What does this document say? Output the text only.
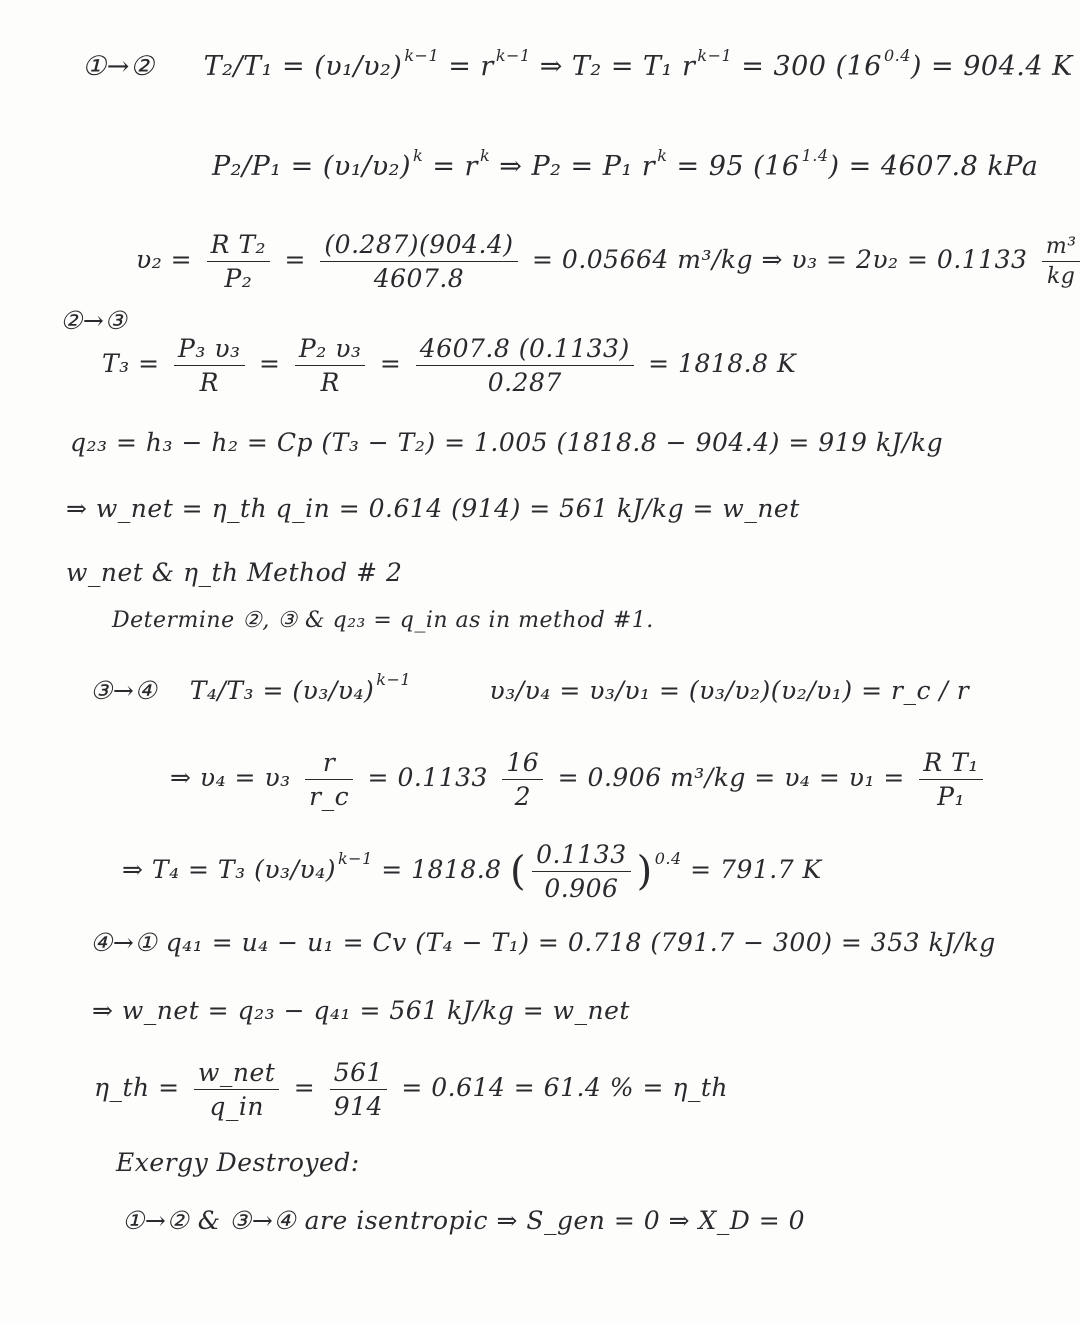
①→② T₂/T₁ = (υ₁/υ₂) $^{k-1}$ = r $^{k-1}$ ⇒ T₂ = T₁ r $^{k-1}$ = 300 (16 $^{0.4}$) = 904.4 K
P₂/P₁ = (υ₁/υ₂) $^k$ = r $^k$ ⇒ P₂ = P₁ r $^k$ = 95 (16 $^{1.4}$) = 4607.8 kPa
$\upsilon_2 = \frac{\text{R T₂}}{\text{P₂}} = \frac{(0.287)(904.4)}{4607.8} = 0.05664$ m³/kg ⇒ $\upsilon_3 = 2\upsilon_2 = 0.1133 \frac{\text{m³}}{kg}$
②→③
$T_3 = \frac{\text{P₃ υ₃}}{R} = \frac{\text{P₂ υ₃}}{R} = \frac{4607.8 (0.1133)}{0.287} = 1818.8$ K
q₂₃ = h₃ − h₂ = Cp (T₃ − T₂) = 1.005 (1818.8 − 904.4) = 919 kJ/kg
⇒ w_net = η_th q_in = 0.614 (914) = 561 kJ/kg = w_net
w_net & η_th Method # 2
Determine ②, ③ & q₂₃ = q_in as in method #1.
③→④ T₄/T₃ = (υ₃/υ₄) $^{k-1}$	υ₃/υ₄ = υ₃/υ₁ = (υ₃/υ₂)(υ₂/υ₁) = r_c / r
⇒ $\upsilon_4 = \upsilon_3 \frac{r}{r\_c} = 0.1133 \frac{16}{2} = 0.906$ $m^3/kg = \upsilon_4 = \upsilon_1 = \frac{\text{R T₁}}{\text{P₁}}$
⇒ T₄ = T₃ (υ₃/υ₄) $^{k-1}$ = 1818.8 ( $\frac{0.1133}{0.906}$ ) $^{0.4}$ = 791.7 K
④→① q₄₁ = u₄ − u₁ = Cv (T₄ − T₁) = 0.718 (791.7 − 300) = 353 kJ/kg
⇒ w_net = q₂₃ − q₄₁ = 561 kJ/kg = w_net
η_th = $\frac{\text{w\_net}}{q\_in} = \frac{561}{914} = 0.614 = 61.4$ % = η_th
Exergy Destroyed:
①→② & ③→④ are isentropic ⇒ S_gen = 0 ⇒ X_D = 0
